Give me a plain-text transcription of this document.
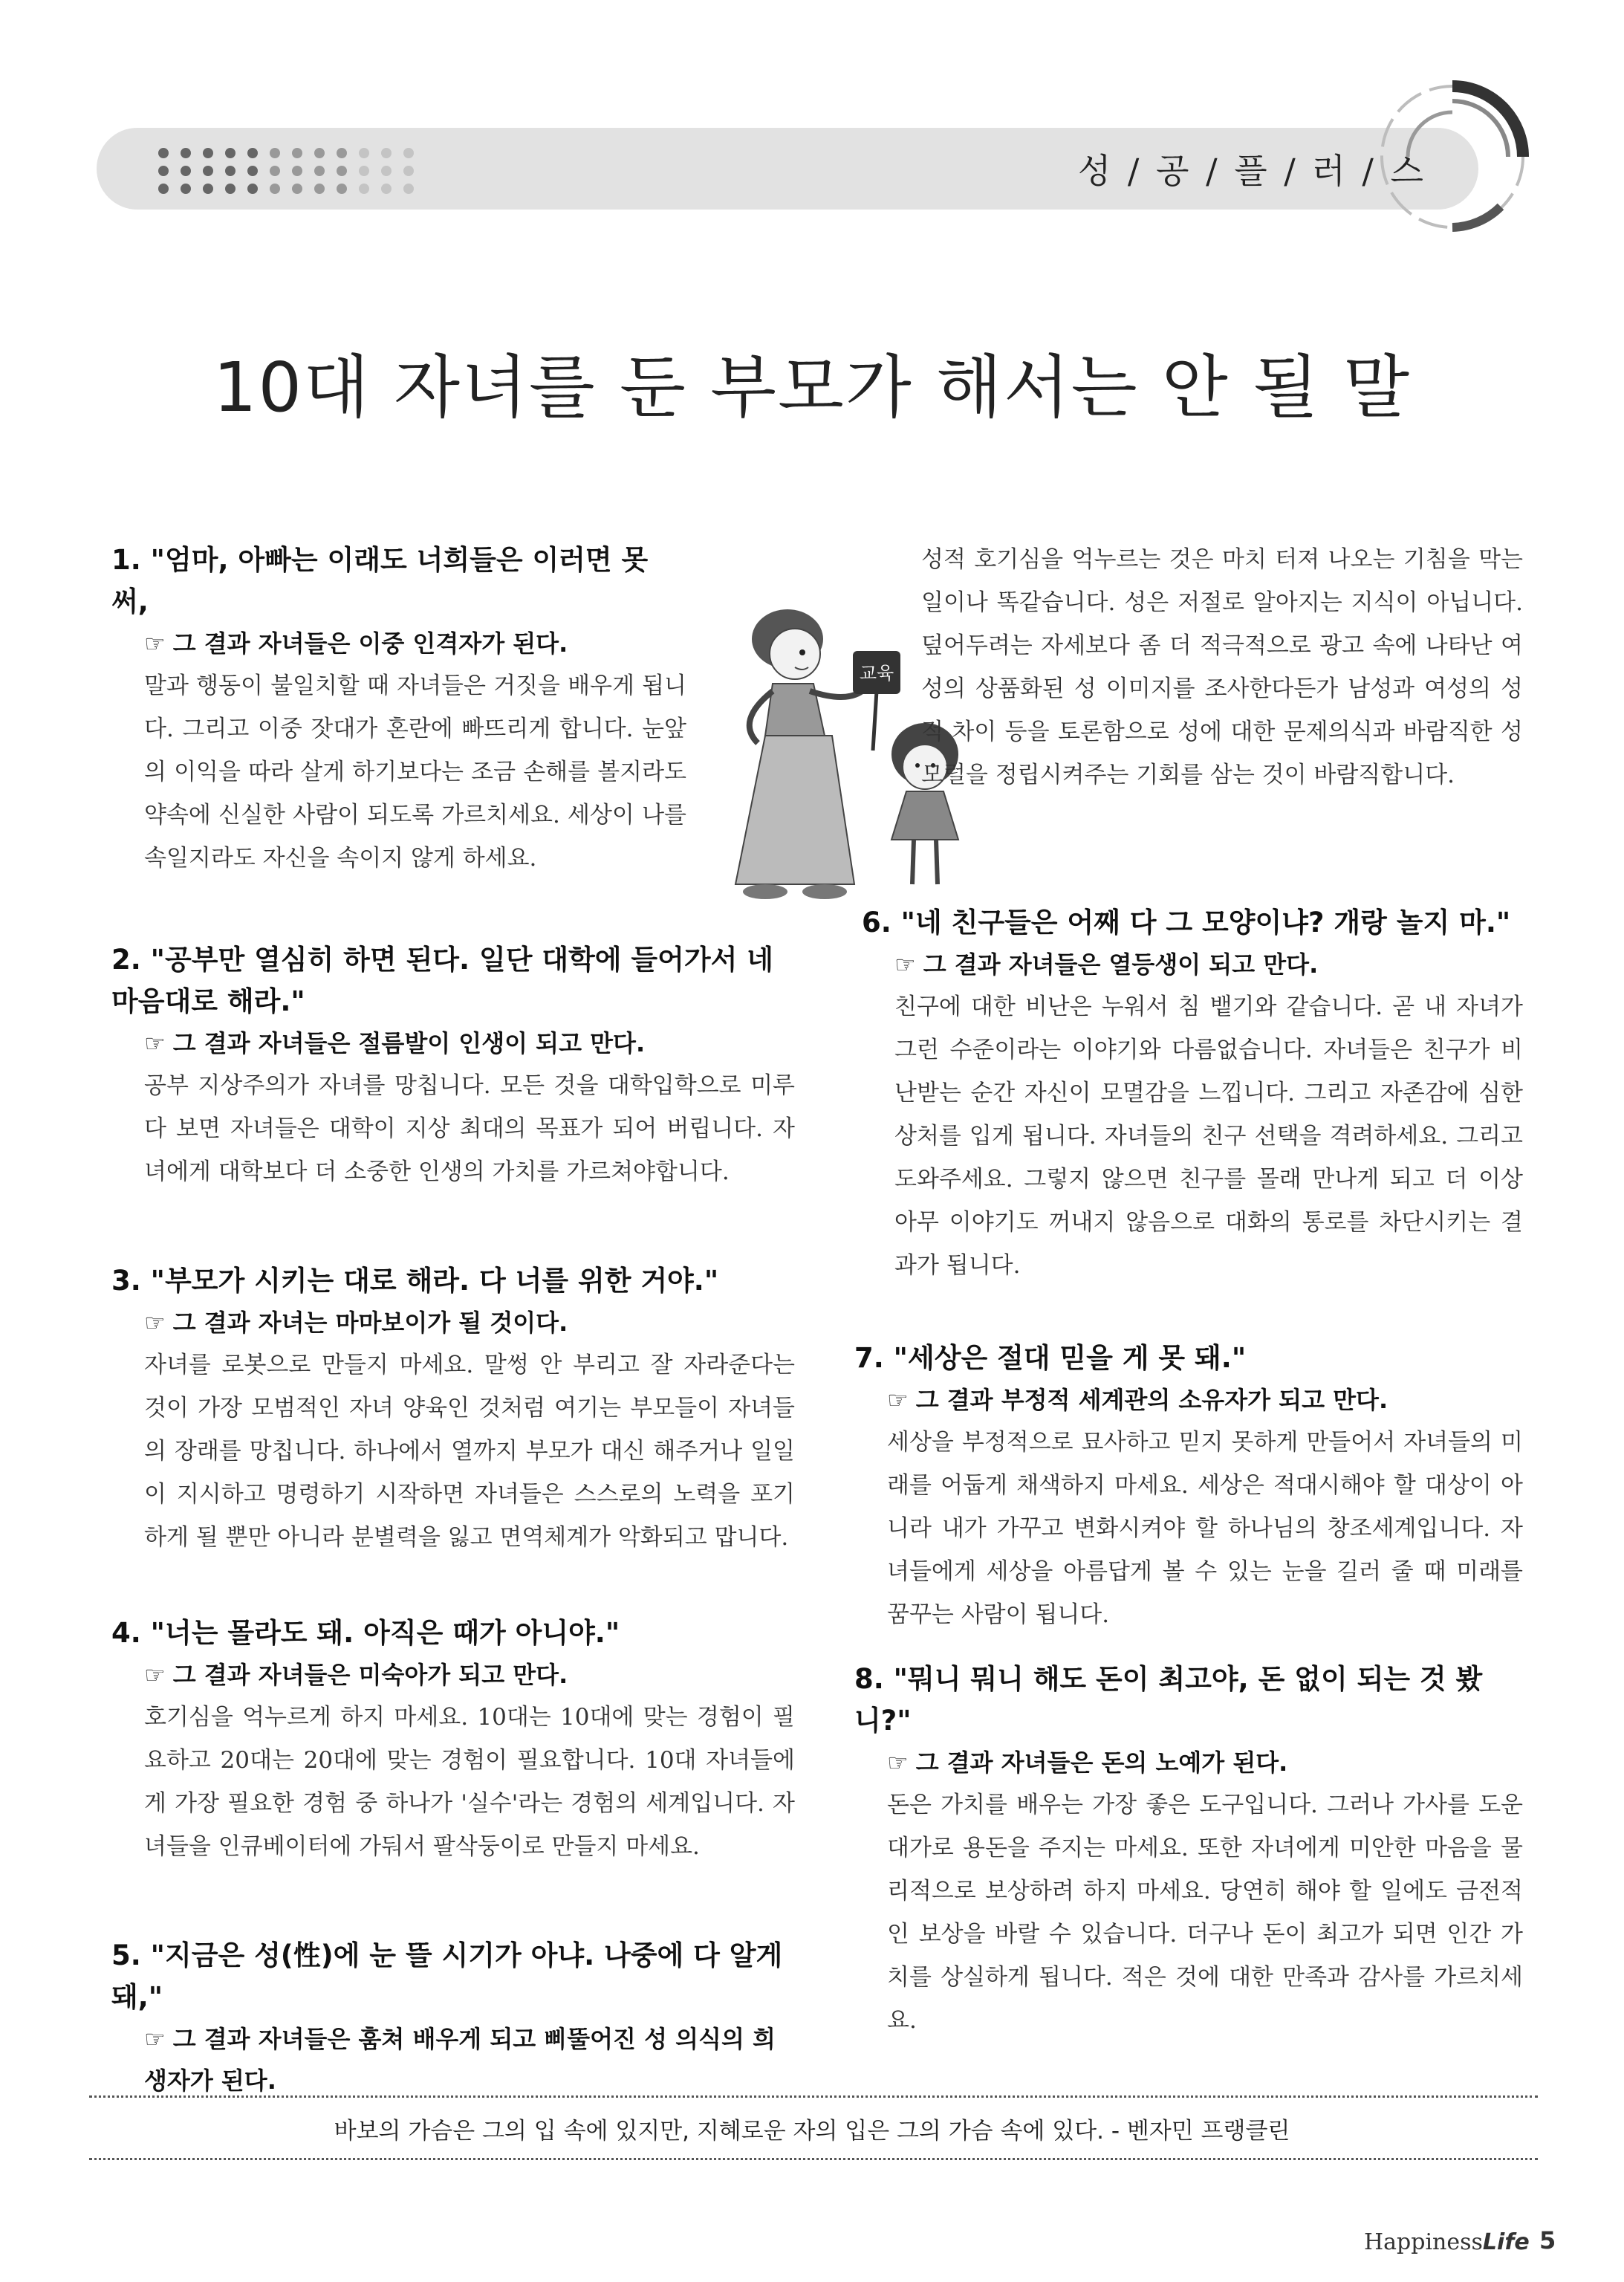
성 / 공 / 플 / 러 / 스
10대 자녀를 둔 부모가 해서는 안 될 말
1. "엄마, 아빠는 이래도 너희들은 이러면 못 써,
☞ 그 결과 자녀들은 이중 인격자가 된다.
말과 행동이 불일치할 때 자녀들은 거짓을 배우게 됩니다. 그리고 이중 잣대가 혼란에 빠뜨리게 합니다. 눈앞의 이익을 따라 살게 하기보다는 조금 손해를 볼지라도 약속에 신실한 사람이 되도록 가르치세요. 세상이 나를 속일지라도 자신을 속이지 않게 하세요.
교육
2. "공부만 열심히 하면 된다. 일단 대학에 들어가서 네 마음대로 해라."
☞ 그 결과 자녀들은 절름발이 인생이 되고 만다.
공부 지상주의가 자녀를 망칩니다. 모든 것을 대학입학으로 미루다 보면 자녀들은 대학이 지상 최대의 목표가 되어 버립니다. 자녀에게 대학보다 더 소중한 인생의 가치를 가르쳐야합니다.
3. "부모가 시키는 대로 해라. 다 너를 위한 거야."
☞ 그 결과 자녀는 마마보이가 될 것이다.
자녀를 로봇으로 만들지 마세요. 말썽 안 부리고 잘 자라준다는 것이 가장 모범적인 자녀 양육인 것처럼 여기는 부모들이 자녀들의 장래를 망칩니다. 하나에서 열까지 부모가 대신 해주거나 일일이 지시하고 명령하기 시작하면 자녀들은 스스로의 노력을 포기하게 될 뿐만 아니라 분별력을 잃고 면역체계가 악화되고 맙니다.
4. "너는 몰라도 돼. 아직은 때가 아니야."
☞ 그 결과 자녀들은 미숙아가 되고 만다.
호기심을 억누르게 하지 마세요. 10대는 10대에 맞는 경험이 필요하고 20대는 20대에 맞는 경험이 필요합니다. 10대 자녀들에게 가장 필요한 경험 중 하나가 '실수'라는 경험의 세계입니다. 자녀들을 인큐베이터에 가둬서 팔삭둥이로 만들지 마세요.
5. "지금은 성(性)에 눈 뜰 시기가 아냐. 나중에 다 알게 돼,"
☞ 그 결과 자녀들은 훔쳐 배우게 되고 삐뚤어진 성 의식의 희생자가 된다.
성적 호기심을 억누르는 것은 마치 터져 나오는 기침을 막는 일이나 똑같습니다. 성은 저절로 알아지는 지식이 아닙니다. 덮어두려는 자세보다 좀 더 적극적으로 광고 속에 나타난 여성의 상품화된 성 이미지를 조사한다든가 남성과 여성의 성적 차이 등을 토론함으로 성에 대한 문제의식과 바람직한 성 모럴을 정립시켜주는 기회를 삼는 것이 바람직합니다.
6. "네 친구들은 어째 다 그 모양이냐? 개랑 놀지 마."
☞ 그 결과 자녀들은 열등생이 되고 만다.
친구에 대한 비난은 누워서 침 뱉기와 같습니다. 곧 내 자녀가 그런 수준이라는 이야기와 다름없습니다. 자녀들은 친구가 비난받는 순간 자신이 모멸감을 느낍니다. 그리고 자존감에 심한 상처를 입게 됩니다. 자녀들의 친구 선택을 격려하세요. 그리고 도와주세요. 그렇지 않으면 친구를 몰래 만나게 되고 더 이상 아무 이야기도 꺼내지 않음으로 대화의 통로를 차단시키는 결과가 됩니다.
7. "세상은 절대 믿을 게 못 돼."
☞ 그 결과 부정적 세계관의 소유자가 되고 만다.
세상을 부정적으로 묘사하고 믿지 못하게 만들어서 자녀들의 미래를 어둡게 채색하지 마세요. 세상은 적대시해야 할 대상이 아니라 내가 가꾸고 변화시켜야 할 하나님의 창조세계입니다. 자녀들에게 세상을 아름답게 볼 수 있는 눈을 길러 줄 때 미래를 꿈꾸는 사람이 됩니다.
8. "뭐니 뭐니 해도 돈이 최고야, 돈 없이 되는 것 봤니?"
☞ 그 결과 자녀들은 돈의 노예가 된다.
돈은 가치를 배우는 가장 좋은 도구입니다. 그러나 가사를 도운 대가로 용돈을 주지는 마세요. 또한 자녀에게 미안한 마음을 물리적으로 보상하려 하지 마세요. 당연히 해야 할 일에도 금전적인 보상을 바랄 수 있습니다. 더구나 돈이 최고가 되면 인간 가치를 상실하게 됩니다. 적은 것에 대한 만족과 감사를 가르치세요.
바보의 가슴은 그의 입 속에 있지만, 지혜로운 자의 입은 그의 가슴 속에 있다. - 벤자민 프랭클린
HappinessLife 5
